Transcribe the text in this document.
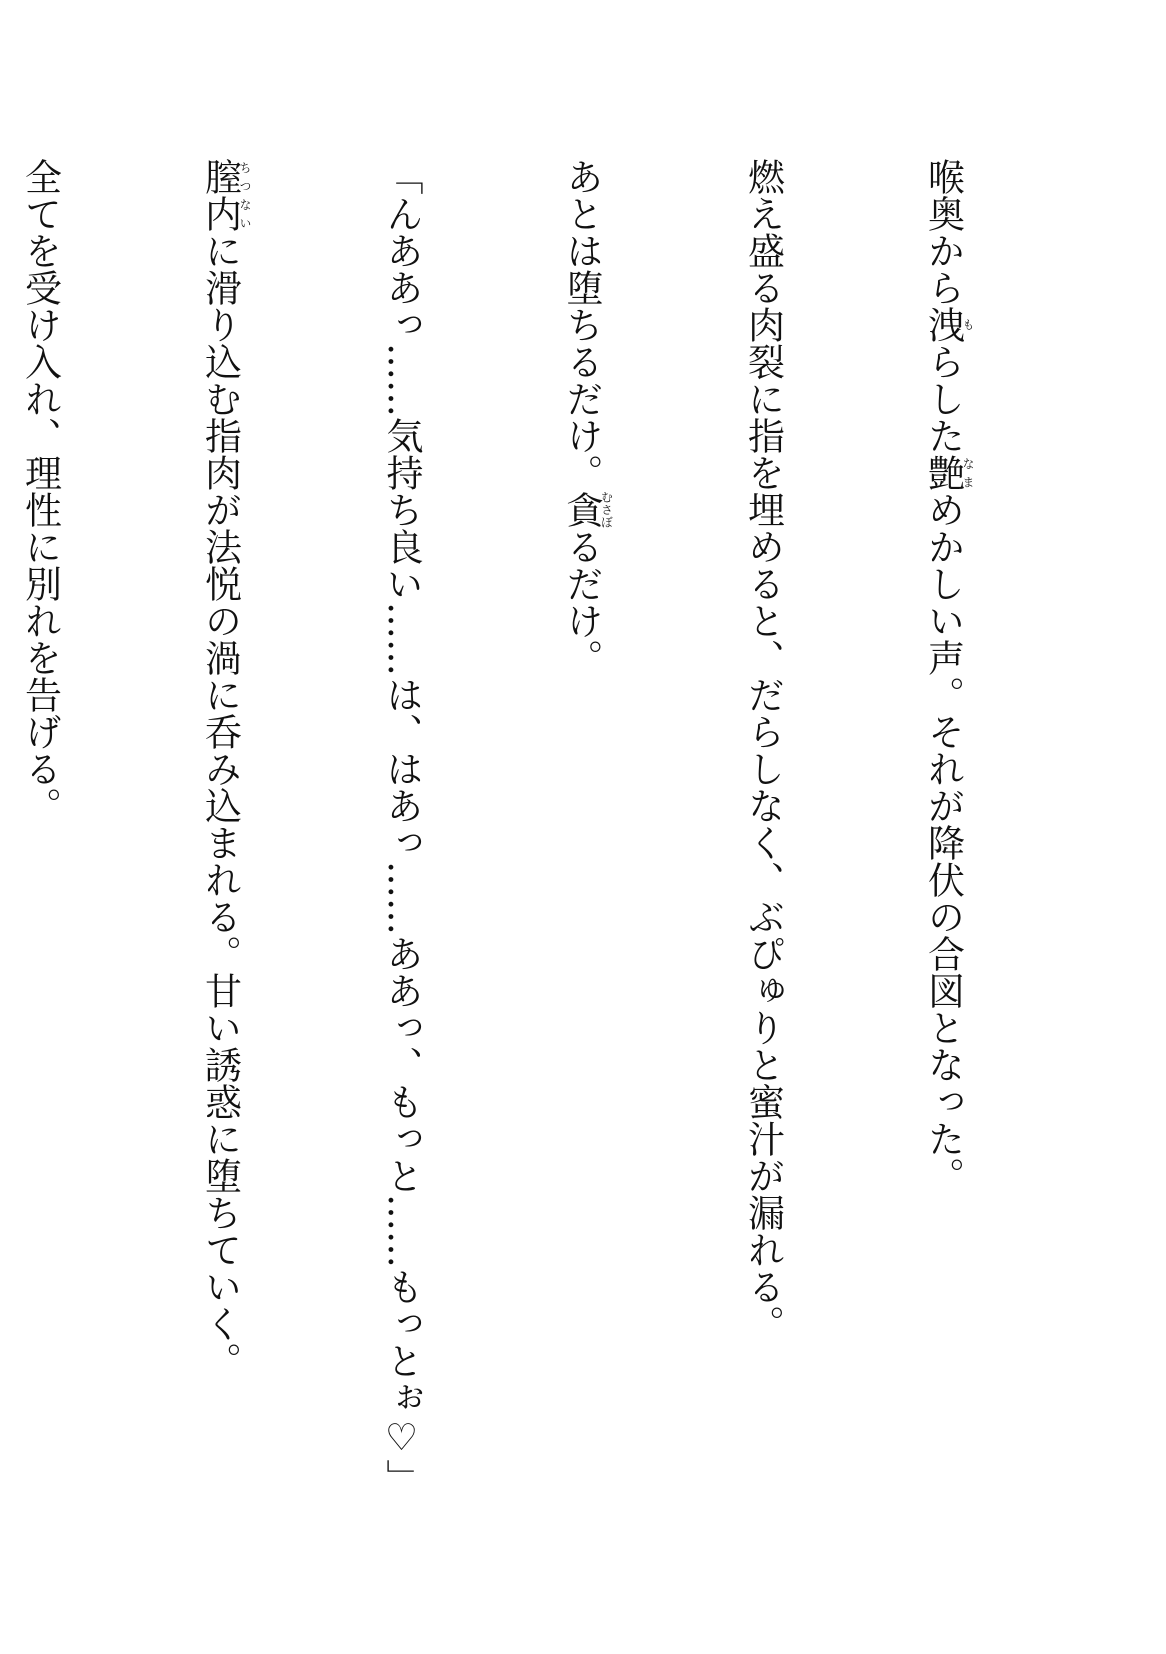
喉奥から洩もらした艶なまめかしい声。それが降伏の合図となった。

燃え盛る肉裂に指を埋めると、だらしなく、ぶぴゅりと蜜汁が漏れる。

あとは堕ちるだけ。貪むさぼるだけ。

「んああっ……気持ち良い……は、はあっ……ああっ、もっと……もっとぉ♡」

膣内ちつないに滑り込む指肉が法悦の渦に呑み込まれる。甘い誘惑に堕ちていく。

全てを受け入れ、理性に別れを告げる。
